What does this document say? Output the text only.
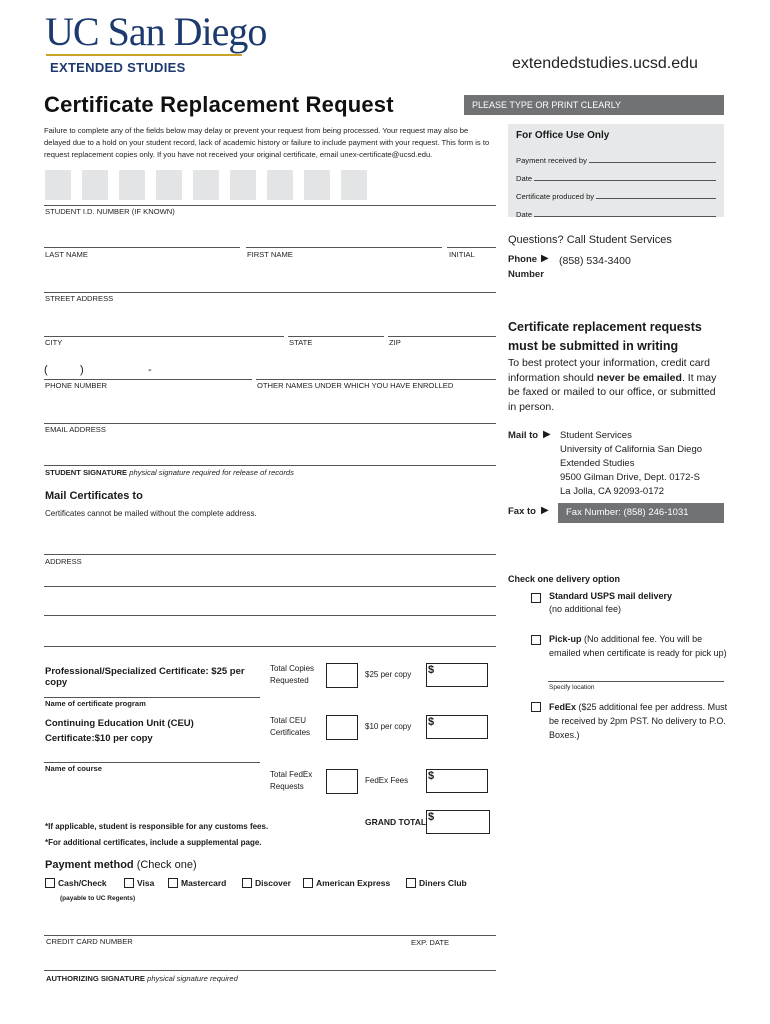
UC San Diego
EXTENDED STUDIES	extendedstudies.ucsd.edu
Certificate Replacement Request	PLEASE TYPE OR PRINT CLEARLY
Failure to complete any of the fields below may delay or prevent your request from being processed. Your request may also be delayed due to a hold on your student record, lack of academic history or failure to include payment with your request. This form is to request replacement copies only. If you have not received your original certificate, email unex-certificate@ucsd.edu.
For Office Use Only
Payment received by
Date
Certificate produced by
Date
STUDENT I.D. NUMBER (IF KNOWN)
LAST NAME	FIRST NAME	INITIAL
STREET ADDRESS
CITY	STATE	ZIP
(	)	-
PHONE NUMBER	OTHER NAMES UNDER WHICH YOU HAVE ENROLLED
EMAIL ADDRESS
STUDENT SIGNATURE physical signature required for release of records
Mail Certificates to
Certificates cannot be mailed without the complete address.
ADDRESS
Professional/Specialized Certificate: $25 per copy
Total Copies Requested
$25 per copy $
Name of certificate program
Continuing Education Unit (CEU) Certificate:$10 per copy
Total CEU Certificates
$10 per copy $
Name of course
Total FedEx Requests
FedEx Fees $
GRAND TOTAL $
*If applicable, student is responsible for any customs fees.
*For additional certificates, include a supplemental page.
Payment method (Check one)
Cash/Check	Visa	Mastercard	Discover	American Express	Diners Club
(payable to UC Regents)
CREDIT CARD NUMBER	EXP. DATE
AUTHORIZING SIGNATURE physical signature required
Questions? Call Student Services
Phone ▶
Number
(858) 534-3400
Certificate replacement requests must be submitted in writing
To best protect your information, credit card information should never be emailed. It may be faxed or mailed to our office, or submitted in person.
Mail to ▶ Student Services
University of California San Diego
Extended Studies
9500 Gilman Drive, Dept. 0172-S
La Jolla, CA 92093-0172
Fax to ▶	Fax Number: (858) 246-1031
Check one delivery option
Standard USPS mail delivery
(no additional fee)
Pick-up (No additional fee. You will be emailed when certificate is ready for pick up)
Specify location
FedEx ($25 additional fee per address. Must be received by 2pm PST. No delivery to P.O. Boxes.)
